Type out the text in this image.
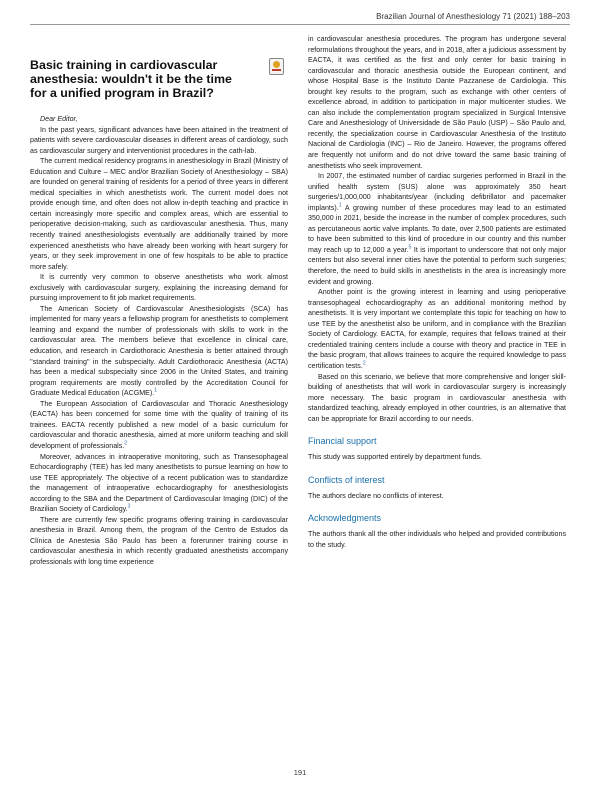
Brazilian Journal of Anesthesiology 71 (2021) 188–203
Basic training in cardiovascular anesthesia: wouldn't it be the time for a unified program in Brazil?

Dear Editor,

In the past years, significant advances have been attained in the treatment of patients with severe cardiovascular diseases in different areas of cardiology, such as cardiovascular surgery and interventionist procedures in the cath-lab.

The current medical residency programs in anesthesiology in Brazil (Ministry of Education and Culture – MEC and/or Brazilian Society of Anesthesiology – SBA) are founded on general training of residents for a period of three years in different medical specialties in which anesthetists work. The current model does not provide enough time, and often does not allow in-depth teaching and practice in certain increasingly more specific and complex areas, which are essential to perioperative decision-making, such as cardiovascular anesthesia. Thus, many recently trained anesthesiologists eventually are additionally trained by more experienced anesthetists who have already been working with heart surgery for years, or they seek improvement in one of few hospitals to be able to practice more safely.

It is currently very common to observe anesthetists who work almost exclusively with cardiovascular surgery, explaining the increasing demand for pursuing improvement to fit job market requirements.

The American Society of Cardiovascular Anesthesiologists (SCA) has implemented for many years a fellowship program for anesthetists to complement learning and expand the number of professionals with skills to work in the cardiovascular area. The members believe that excellence in clinical care, education, and research in Cardiothoracic Anesthesia is better attained through ''standard training'' in the subspecialty. Adult Cardiothoracic Anesthesia (ACTA) has been a medical subspecialty since 2006 in the United States, and training program requirements are mostly controlled by the Accreditation Council for Graduate Medical Education (ACGME).$^1$

The European Association of Cardiovascular and Thoracic Anesthesiology (EACTA) has been concerned for some time with the quality of training of its trainees. EACTA recently published a new model of a basic curriculum for cardiovascular and thoracic anesthesia, aimed at more uniform teaching and skill development of professionals.$^2$

Moreover, advances in intraoperative monitoring, such as Transesophageal Echocardiography (TEE) has led many anesthetists to pursue learning on how to use TEE appropriately. The objective of a recent publication was to standardize the management of intraoperative echocardiography for anesthesiologists according to the SBA and the Department of Cardiovascular Imaging (DIC) of the Brazilian Society of Cardiology.$^3$

There are currently few specific programs offering training in cardiovascular anesthesia in Brazil. Among them, the program of the Centro de Estudos da Clínica de Anestesia São Paulo has been a forerunner training course in cardiovascular anesthesia in which recently graduated anesthetists accompany professionals with long time experience

in cardiovascular anesthesia procedures. The program has undergone several reformulations throughout the years, and in 2018, after a judicious assessment by EACTA, it was certified as the first and only center for basic training in cardiovascular and thoracic anesthesia outside the European continent, and whose Hospital Base is the Instituto Dante Pazzanese de Cardiologia. This brought key results to the program, such as exchange with other centers of excellence abroad, in addition to participation in major multicenter studies. We can also include the complementation program specialized in Surgical Intensive Care and Anesthesiology of Universidade de São Paulo (USP) – São Paulo and, recently, the specialization course in Cardiovascular Anesthesia of the Instituto Nacional de Cardiologia (INC) – Rio de Janeiro. However, the programs offered are frequently not uniform and do not drive toward the same basic training of anesthetists who seek improvement.

In 2007, the estimated number of cardiac surgeries performed in Brazil in the unified health system (SUS) alone was approximately 350 heart surgeries/1,000,000 inhabitants/year (including defibrillator and pacemaker implants).$^1$ A growing number of these procedures may lead to an estimated 350,000 in 2021, beside the increase in the number of complex procedures, such as percutaneous aortic valve implants. To date, over 2,500 patients are estimated to have been submitted to this kind of procedure in our country and this number may reach up to 12,000 a year.$^5$ It is important to underscore that not only major centers but also several inner cities have the potential to perform such surgeries; therefore, the need to build skills in anesthetists in the area is increasingly more evident and growing.

Another point is the growing interest in learning and using perioperative transesophageal echocardiography as an additional monitoring method by anesthetists. It is very important we contemplate this topic for teaching on how to use TEE by the anesthetist also be uniform, and in compliance with the Brazilian Society of Cardiology. EACTA, for example, requires that fellows trained at their credentialed training centers include a course with theory and practice in TEE in the basic program, that allows trainees to acquire the required knowledge to pass certification tests.$^2$

Based on this scenario, we believe that more comprehensive and longer skill-building of anesthetists that will work in cardiovascular surgery is increasingly more necessary. The basic program in cardiovascular anesthesia with standardized teaching, already employed in other countries, is an alternative that can be appropriate for Brazil according to our needs.

Financial support

This study was supported entirely by department funds.

Conflicts of interest

The authors declare no conflicts of interest.

Acknowledgments

The authors thank all the other individuals who helped and provided contributions to the study.

191
